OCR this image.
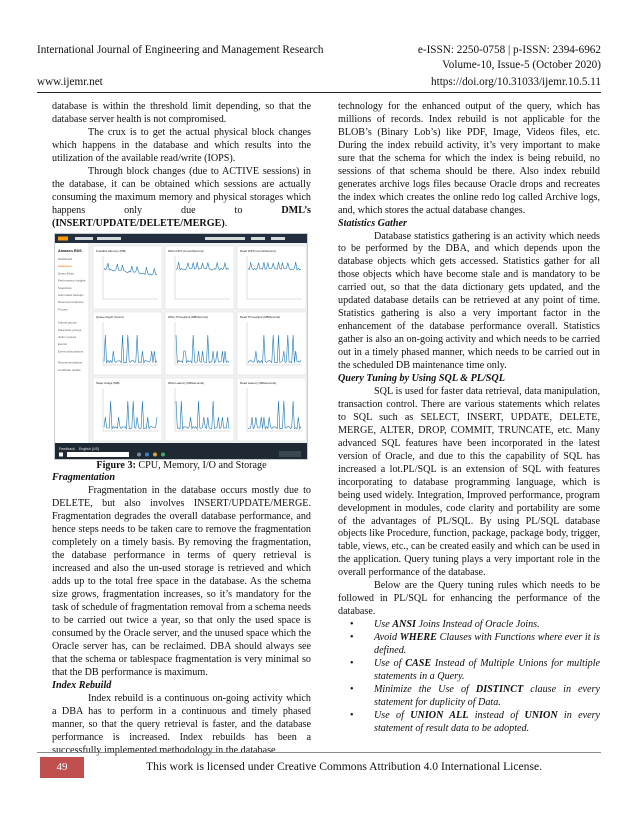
International Journal of Engineering and Management Research	e-ISSN: 2250-0758 | p-ISSN: 2394-6962
Volume-10, Issue-5 (October 2020)
www.ijemr.net	https://doi.org/10.31033/ijemr.10.5.11

database is within the threshold limit depending, so that the database server health is not compromised.

The crux is to get the actual physical block changes which happens in the database and which results into the utilization of the available read/write (IOPS).

Through block changes (due to ACTIVE sessions) in the database, it can be obtained which sessions are actually consuming the maximum memory and physical storages which happens only due to DML’s (INSERT/UPDATE/DELETE/MERGE).

Amazon RDS
Dashboard
Databases
Query Editor
Performance Insights
Snapshots
Automated backups
Reserved instances
Proxies
Subnet groups
Parameter groups
Option groups
Events
Event subscriptions
Recommendations
Certificate update
Freeable Memory (MB)	Write IOPS (Count/Second)	Read IOPS (Count/Second)
Queue Depth (Count)	Write Throughput (MB/Second)	Read Throughput (MB/Second)
Swap Usage (MB)	Write Latency (Milliseconds)	Read Latency (Milliseconds)
Feedback English (US)

Figure 3: CPU, Memory, I/O and Storage

Fragmentation

Fragmentation in the database occurs mostly due to DELETE, but also involves INSERT/UPDATE/MERGE. Fragmentation degrades the overall database performance, and hence steps needs to be taken care to remove the fragmentation completely on a timely basis. By removing the fragmentation, the database performance in terms of query retrieval is increased and also the un-used storage is retrieved and which adds up to the total free space in the database. As the schema size grows, fragmentation increases, so it’s mandatory for the task of schedule of fragmentation removal from a schema needs to be carried out twice a year, so that only the used space is consumed by the Oracle server, and the unused space which the Oracle server has, can be reclaimed. DBA should always see that the schema or tablespace fragmentation is very minimal so that the DB performance is maximum.

Index Rebuild

Index rebuild is a continuous on-going activity which a DBA has to perform in a continuous and timely phased manner, so that the query retrieval is faster, and the database performance is increased. Index rebuilds has been a successfully implemented methodology in the database

technology for the enhanced output of the query, which has millions of records. Index rebuild is not applicable for the BLOB’s (Binary Lob’s) like PDF, Image, Videos files, etc. During the index rebuild activity, it’s very important to make sure that the schema for which the index is being rebuild, no sessions of that schema should be there. Also index rebuild generates archive logs files because Oracle drops and recreates the index which creates the online redo log called Archive logs, and, which stores the actual database changes.

Statistics Gather

Database statistics gathering is an activity which needs to be performed by the DBA, and which depends upon the database objects which gets accessed. Statistics gather for all those objects which have become stale and is mandatory to be carried out, so that the data dictionary gets updated, and the updated database details can be retrieved at any point of time. Statistics gathering is also a very important factor in the enhancement of the database performance overall. Statistics gather is also an on-going activity and which needs to be carried out in a timely phased manner, which needs to be carried out in the scheduled DB maintenance time only.

Query Tuning by Using SQL & PL/SQL

SQL is used for faster data retrieval, data manipulation, transaction control. There are various statements which relates to SQL such as SELECT, INSERT, UPDATE, DELETE, MERGE, ALTER, DROP, COMMIT, TRUNCATE, etc. Many advanced SQL features have been incorporated in the latest version of Oracle, and due to this the capability of SQL has increased a lot.PL/SQL is an extension of SQL with features incorporating to database programming language, which is being used widely. Integration, Improved performance, program development in modules, code clarity and portability are some of the advantages of PL/SQL. By using PL/SQL database objects like Procedure, function, package, package body, trigger, table, views, etc., can be created easily and which can be used in the application. Query tuning plays a very important role in the overall performance of the database.

Below are the Query tuning rules which needs to be followed in PL/SQL for enhancing the performance of the database.

• Use ANSI Joins Instead of Oracle Joins.
• Avoid WHERE Clauses with Functions where ever it is defined.
• Use of CASE Instead of Multiple Unions for multiple statements in a Query.
• Minimize the Use of DISTINCT clause in every statement for duplicity of Data.
• Use of UNION ALL instead of UNION in every statement of result data to be adopted.
49	This work is licensed under Creative Commons Attribution 4.0 International License.
